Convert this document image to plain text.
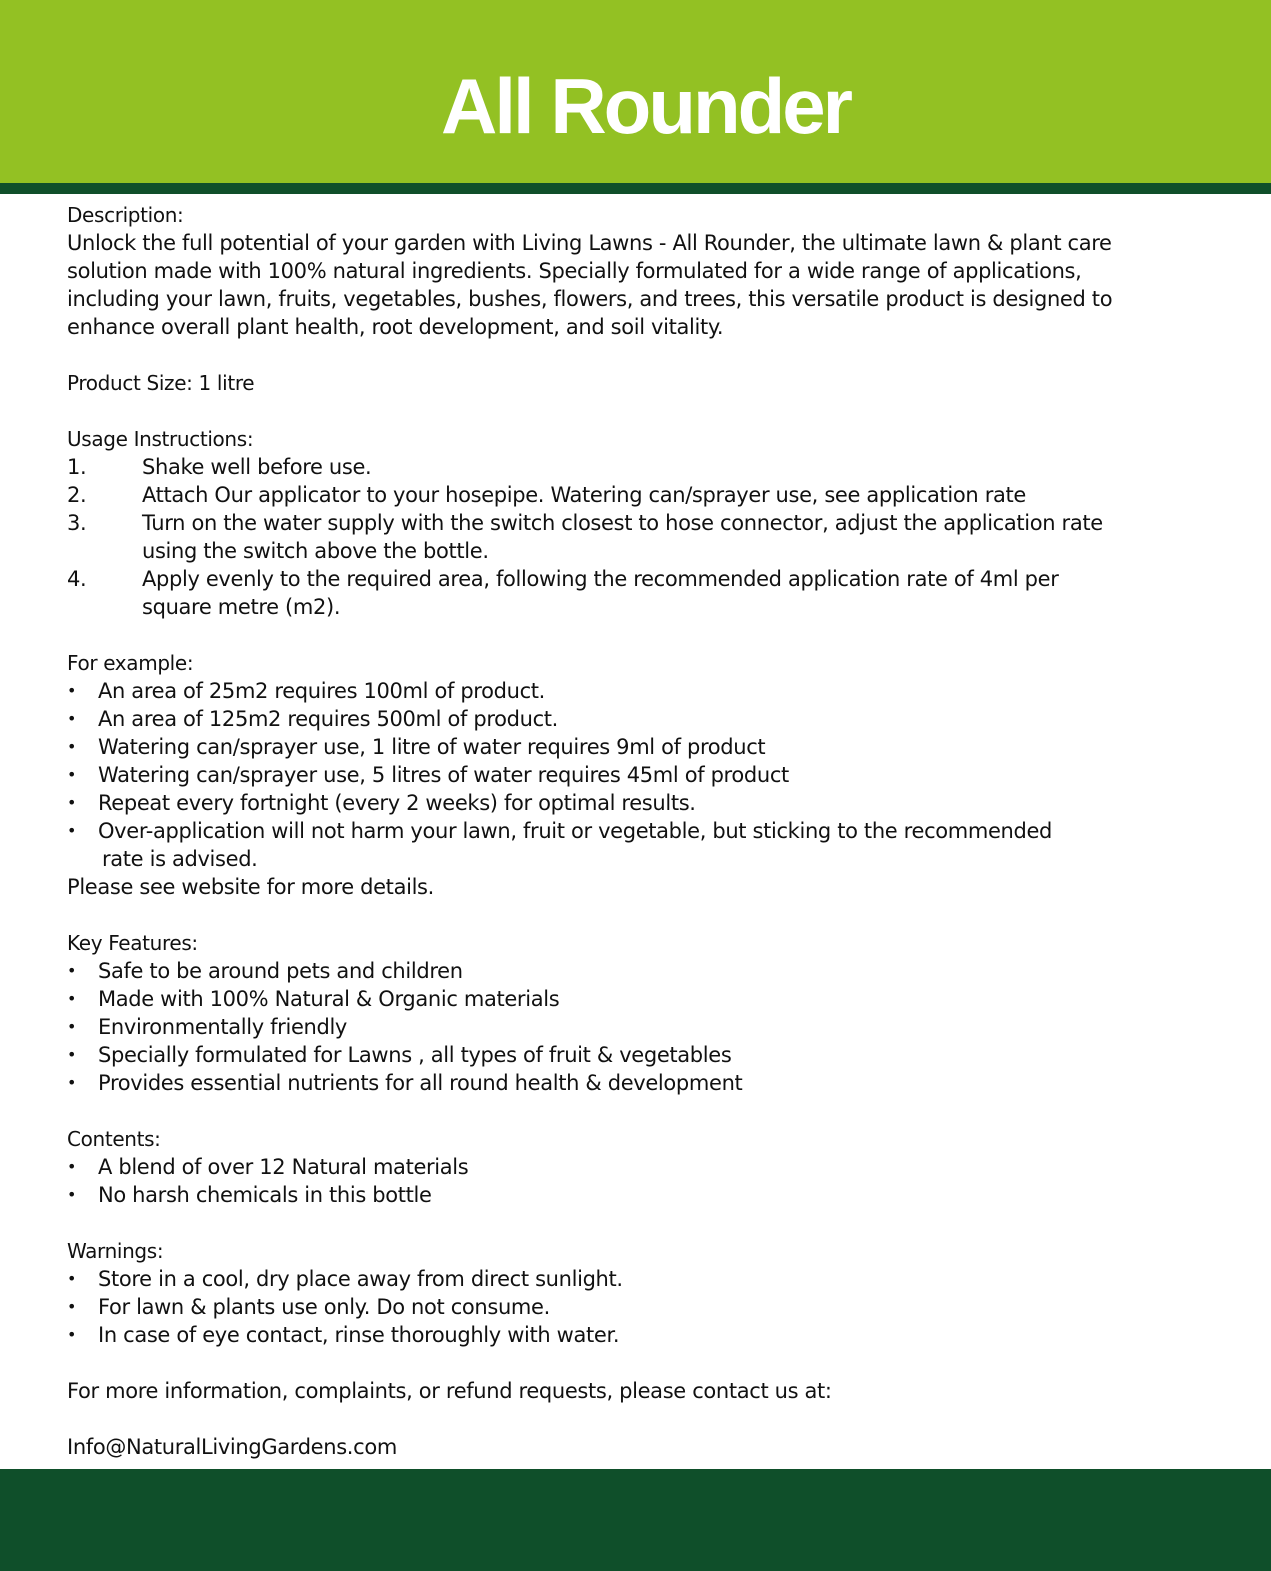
All Rounder
Description:
Unlock the full potential of your garden with Living Lawns - All Rounder, the ultimate lawn & plant care
solution made with 100% natural ingredients. Specially formulated for a wide range of applications,
including your lawn, fruits, vegetables, bushes, flowers, and trees, this versatile product is designed to
enhance overall plant health, root development, and soil vitality.
Product Size: 1 litre
Usage Instructions:
1.	Shake well before use.
2.	Attach Our applicator to your hosepipe. Watering can/sprayer use, see application rate
3.	Turn on the water supply with the switch closest to hose connector, adjust the application rate
using the switch above the bottle.
4.	Apply evenly to the required area, following the recommended application rate of 4ml per
square metre (m2).
For example:
• An area of 25m2 requires 100ml of product.
• An area of 125m2 requires 500ml of product.
• Watering can/sprayer use, 1 litre of water requires 9ml of product
• Watering can/sprayer use, 5 litres of water requires 45ml of product
• Repeat every fortnight (every 2 weeks) for optimal results.
• Over-application will not harm your lawn, fruit or vegetable, but sticking to the recommended
rate is advised.
Please see website for more details.
Key Features:
• Safe to be around pets and children
• Made with 100% Natural & Organic materials
• Environmentally friendly
• Specially formulated for Lawns , all types of fruit & vegetables
• Provides essential nutrients for all round health & development
Contents:
• A blend of over 12 Natural materials
• No harsh chemicals in this bottle
Warnings:
• Store in a cool, dry place away from direct sunlight.
• For lawn & plants use only. Do not consume.
• In case of eye contact, rinse thoroughly with water.
For more information, complaints, or refund requests, please contact us at:
Info@NaturalLivingGardens.com
